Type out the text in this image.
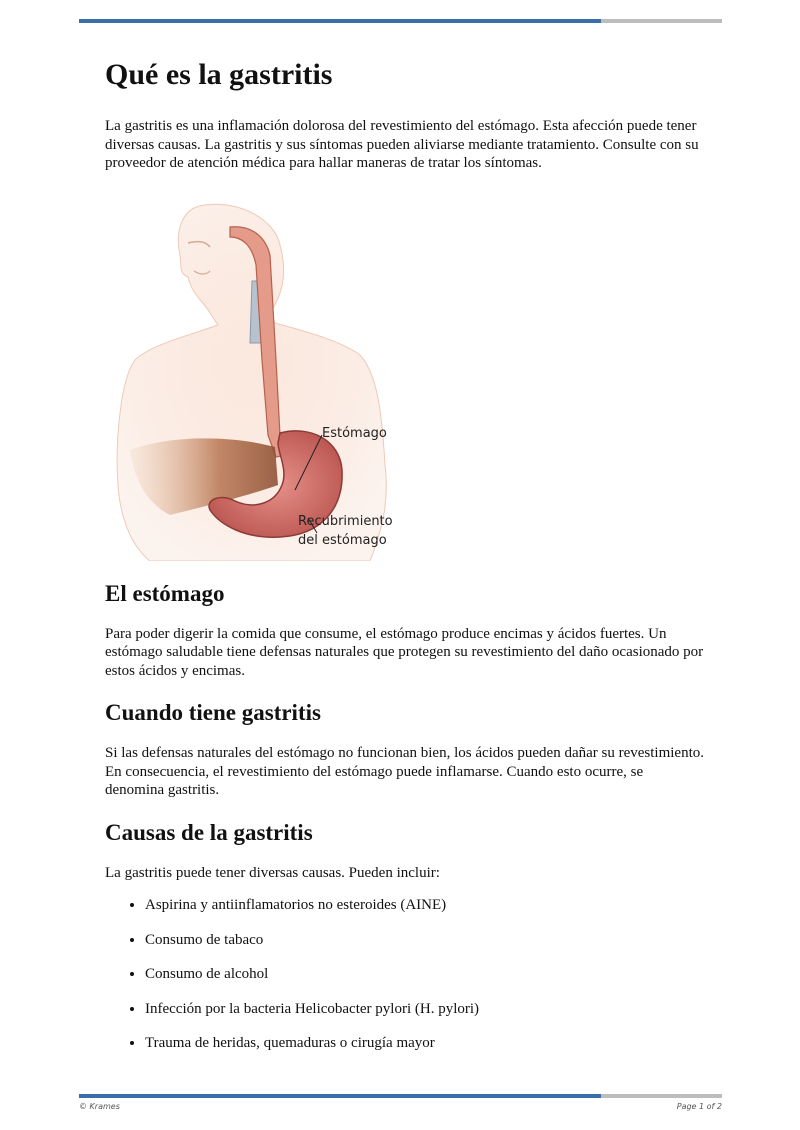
Qué es la gastritis

La gastritis es una inflamación dolorosa del revestimiento del estómago. Esta afección puede tener diversas causas. La gastritis y sus síntomas pueden aliviarse mediante tratamiento. Consulte con su proveedor de atención médica para hallar maneras de tratar los síntomas.

Estómago
Recubrimiento
del estómago
El estómago

Para poder digerir la comida que consume, el estómago produce encimas y ácidos fuertes. Un estómago saludable tiene defensas naturales que protegen su revestimiento del daño ocasionado por estos ácidos y encimas.

Cuando tiene gastritis

Si las defensas naturales del estómago no funcionan bien, los ácidos pueden dañar su revestimiento. En consecuencia, el revestimiento del estómago puede inflamarse. Cuando esto ocurre, se denomina gastritis.

Causas de la gastritis

La gastritis puede tener diversas causas. Pueden incluir:

• Aspirina y antiinflamatorios no esteroides (AINE)
• Consumo de tabaco
• Consumo de alcohol
• Infección por la bacteria Helicobacter pylori (H. pylori)
• Trauma de heridas, quemaduras o cirugía mayor
© Krames	Page 1 of 2
